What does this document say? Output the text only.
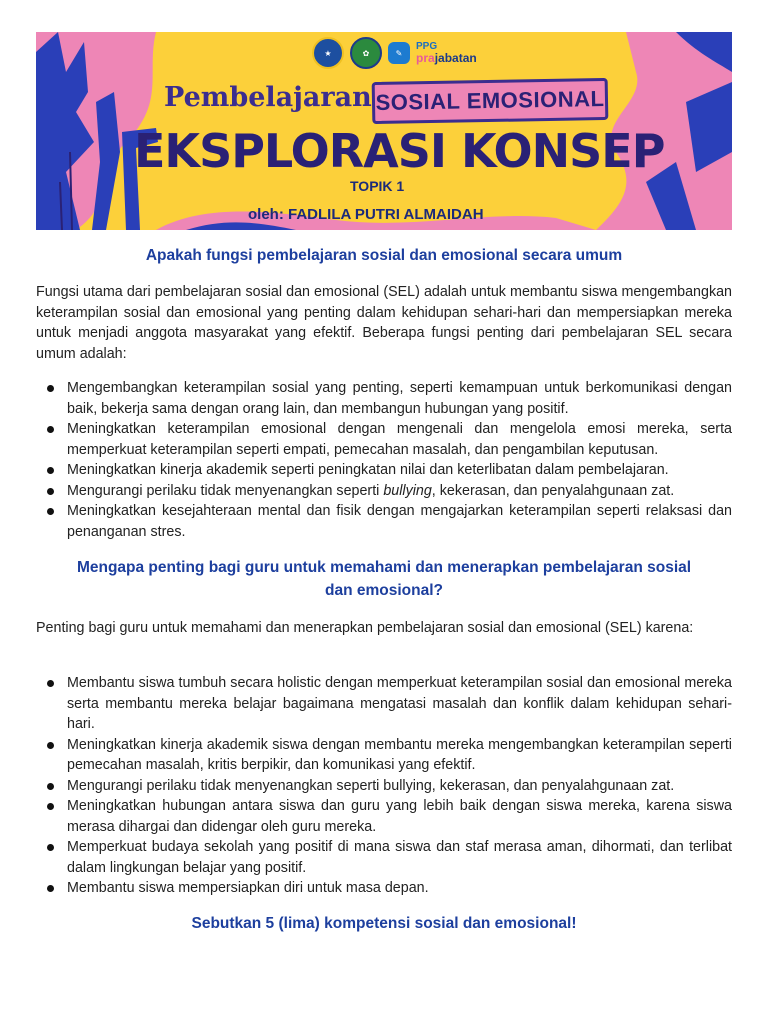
★	✿	✎
PPG
prajabatan
Pembelajaran SOSIAL EMOSIONAL
EKSPLORASI KONSEP
TOPIK 1
oleh: FADLILA PUTRI ALMAIDAH
Apakah fungsi pembelajaran sosial dan emosional secara umum
Fungsi utama dari pembelajaran sosial dan emosional (SEL) adalah untuk membantu siswa mengembangkan keterampilan sosial dan emosional yang penting dalam kehidupan sehari-hari dan mempersiapkan mereka untuk menjadi anggota masyarakat yang efektif. Beberapa fungsi penting dari pembelajaran SEL secara umum adalah:
Mengembangkan keterampilan sosial yang penting, seperti kemampuan untuk berkomunikasi dengan baik, bekerja sama dengan orang lain, dan membangun hubungan yang positif.
Meningkatkan keterampilan emosional dengan mengenali dan mengelola emosi mereka, serta memperkuat keterampilan seperti empati, pemecahan masalah, dan pengambilan keputusan.
Meningkatkan kinerja akademik seperti peningkatan nilai dan keterlibatan dalam pembelajaran.
Mengurangi perilaku tidak menyenangkan seperti bullying, kekerasan, dan penyalahgunaan zat.
Meningkatkan kesejahteraan mental dan fisik dengan mengajarkan keterampilan seperti relaksasi dan penanganan stres.
Mengapa penting bagi guru untuk memahami dan menerapkan pembelajaran sosial
dan emosional?
Penting bagi guru untuk memahami dan menerapkan pembelajaran sosial dan emosional (SEL) karena:
Membantu siswa tumbuh secara holistic dengan memperkuat keterampilan sosial dan emosional mereka serta membantu mereka belajar bagaimana mengatasi masalah dan konflik dalam kehidupan sehari-hari.
Meningkatkan kinerja akademik siswa dengan membantu mereka mengembangkan keterampilan seperti pemecahan masalah, kritis berpikir, dan komunikasi yang efektif.
Mengurangi perilaku tidak menyenangkan seperti bullying, kekerasan, dan penyalahgunaan zat.
Meningkatkan hubungan antara siswa dan guru yang lebih baik dengan siswa mereka, karena siswa merasa dihargai dan didengar oleh guru mereka.
Memperkuat budaya sekolah yang positif di mana siswa dan staf merasa aman, dihormati, dan terlibat dalam lingkungan belajar yang positif.
Membantu siswa mempersiapkan diri untuk masa depan.
Sebutkan 5 (lima) kompetensi sosial dan emosional!
